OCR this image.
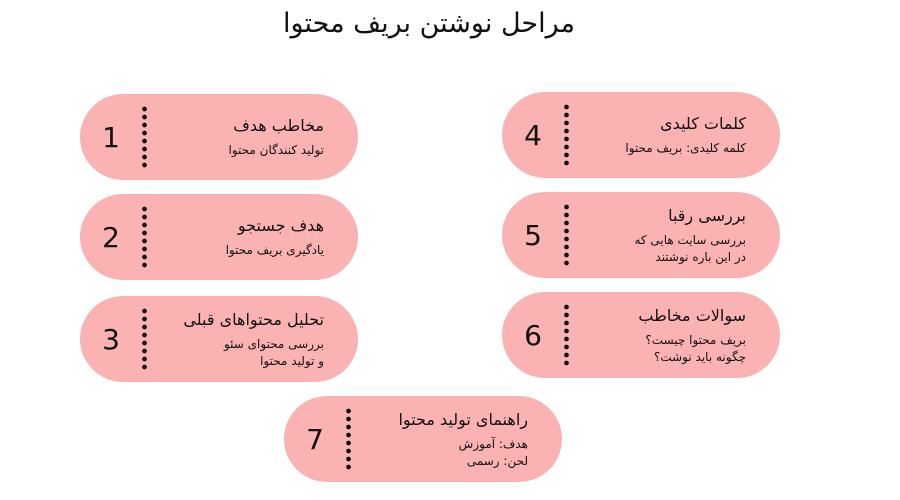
مراحل نوشتن بریف محتوا
1	مخاطب هدف
تولید کنندگان محتوا
2	هدف جستجو
یادگیری بریف محتوا
3
تحلیل محتواهای قبلی
بررسی محتوای سئو
و تولید محتوا
4	کلمات کلیدی
کلمه کلیدی: بریف محتوا
5
بررسی رقبا
بررسی سایت هایی که
در این باره نوشتند
6
سوالات مخاطب
بریف محتوا چیست؟
چگونه باید نوشت؟
7
راهنمای تولید محتوا
هدف: آموزش
لحن: رسمی
